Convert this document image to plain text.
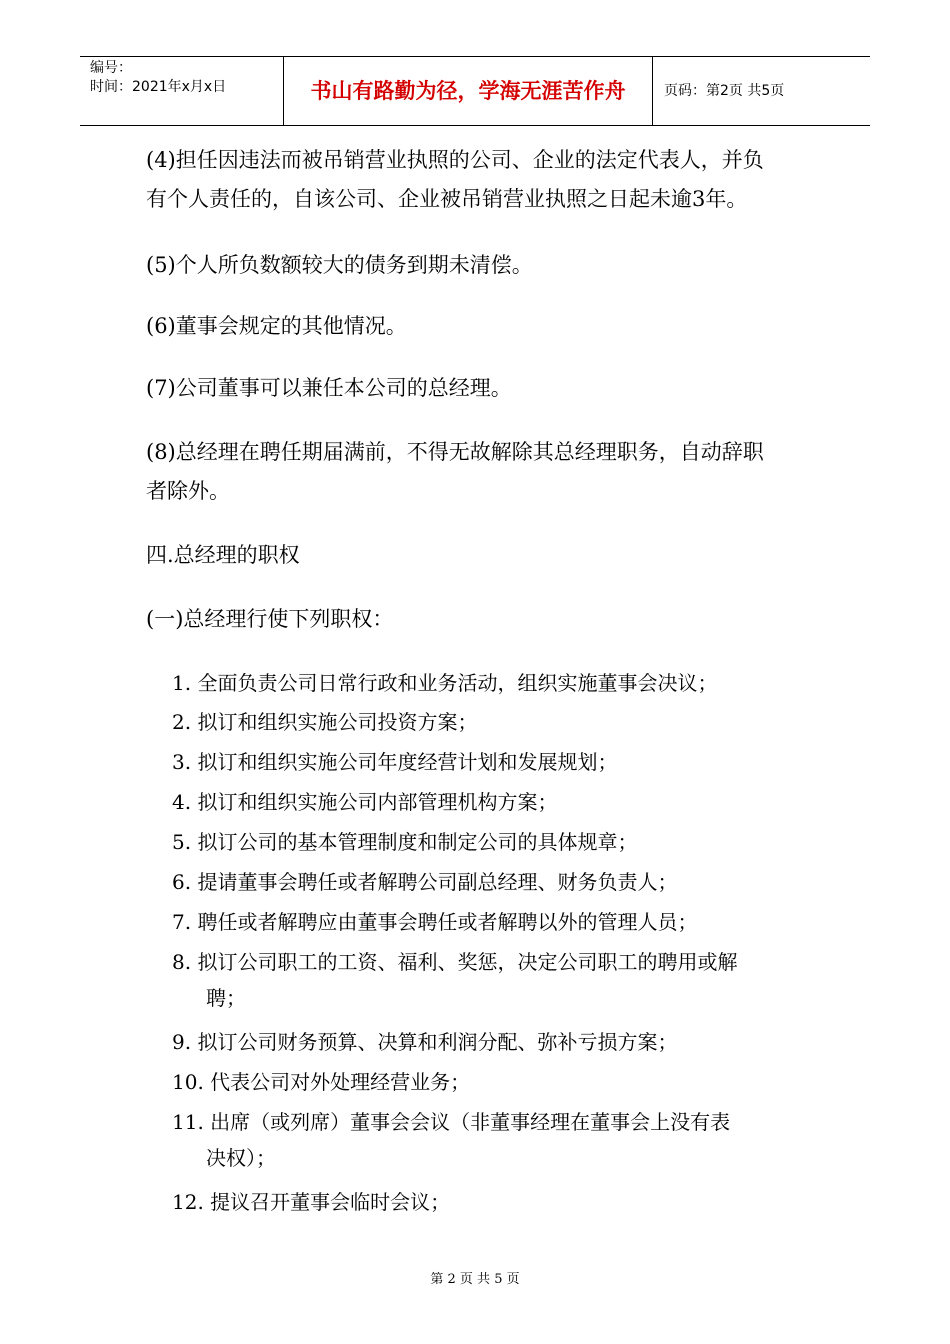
编号：
时间：2021年x月x日	书山有路勤为径，学海无涯苦作舟	页码：第2页 共5页
(4)担任因违法而被吊销营业执照的公司、企业的法定代表人，并负
有个人责任的，自该公司、企业被吊销营业执照之日起未逾3年。
(5)个人所负数额较大的债务到期未清偿。
(6)董事会规定的其他情况。
(7)公司董事可以兼任本公司的总经理。
(8)总经理在聘任期届满前，不得无故解除其总经理职务，自动辞职
者除外。
四.总经理的职权
(一)总经理行使下列职权：
1. 全面负责公司日常行政和业务活动，组织实施董事会决议；
2. 拟订和组织实施公司投资方案；
3. 拟订和组织实施公司年度经营计划和发展规划；
4. 拟订和组织实施公司内部管理机构方案；
5. 拟订公司的基本管理制度和制定公司的具体规章；
6. 提请董事会聘任或者解聘公司副总经理、财务负责人；
7. 聘任或者解聘应由董事会聘任或者解聘以外的管理人员；
8. 拟订公司职工的工资、福利、奖惩，决定公司职工的聘用或解
聘；
9. 拟订公司财务预算、决算和利润分配、弥补亏损方案；
10. 代表公司对外处理经营业务；
11. 出席（或列席）董事会会议（非董事经理在董事会上没有表
决权）；
12. 提议召开董事会临时会议；
第 2 页 共 5 页
